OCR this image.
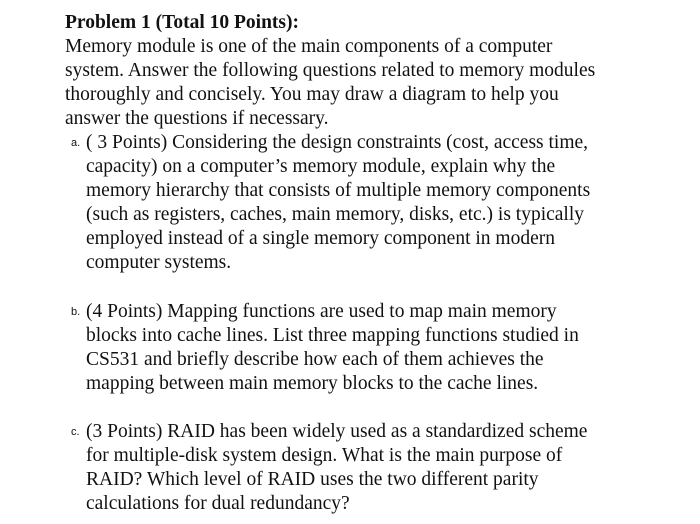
Problem 1 (Total 10 Points):
Memory module is one of the main components of a computer
system. Answer the following questions related to memory modules
thoroughly and concisely. You may draw a diagram to help you
answer the questions if necessary.
a. ( 3 Points) Considering the design constraints (cost, access time,
capacity) on a computer’s memory module, explain why the
memory hierarchy that consists of multiple memory components
(such as registers, caches, main memory, disks, etc.) is typically
employed instead of a single memory component in modern
computer systems.
b. (4 Points) Mapping functions are used to map main memory
blocks into cache lines. List three mapping functions studied in
CS531 and briefly describe how each of them achieves the
mapping between main memory blocks to the cache lines.
c. (3 Points) RAID has been widely used as a standardized scheme
for multiple-disk system design. What is the main purpose of
RAID? Which level of RAID uses the two different parity
calculations for dual redundancy?
